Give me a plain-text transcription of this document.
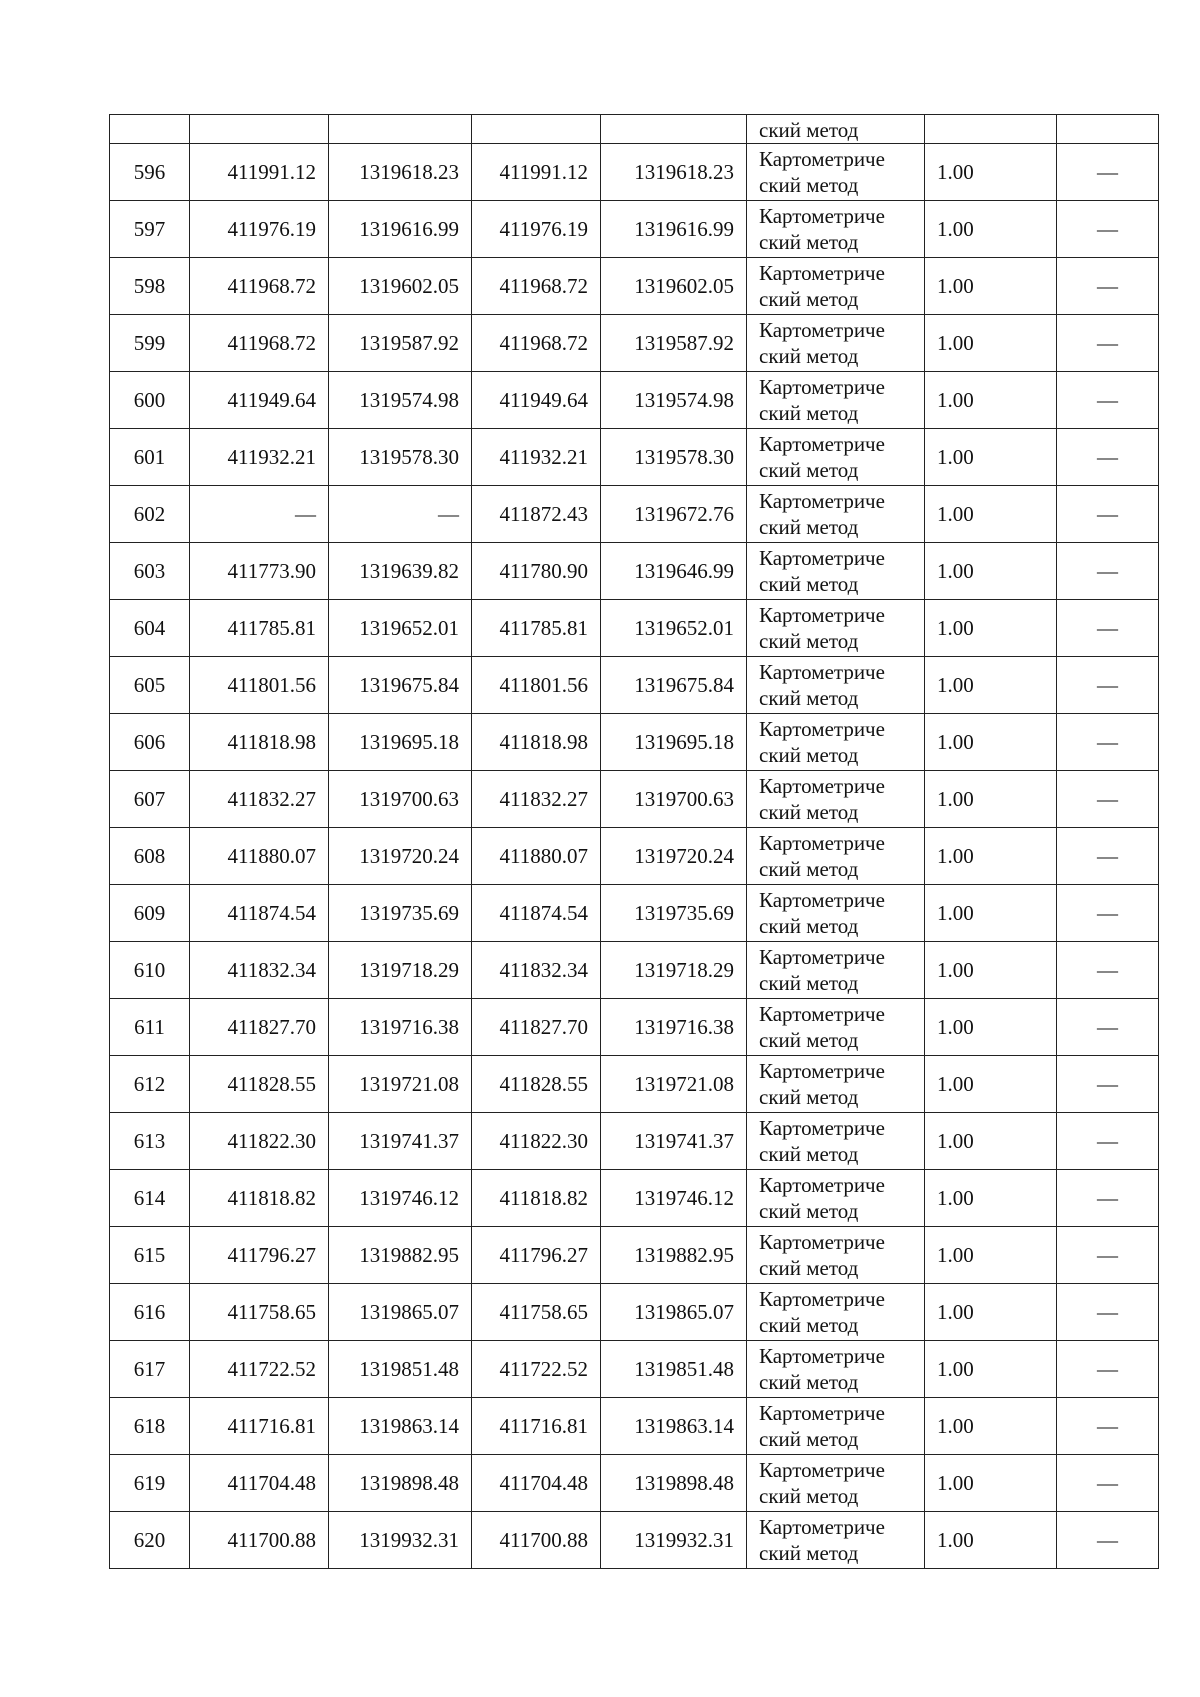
					ский метод		
596	411991.12	1319618.23	411991.12	1319618.23	Картометриче
ский метод	1.00	—
597	411976.19	1319616.99	411976.19	1319616.99	Картометриче
ский метод	1.00	—
598	411968.72	1319602.05	411968.72	1319602.05	Картометриче
ский метод	1.00	—
599	411968.72	1319587.92	411968.72	1319587.92	Картометриче
ский метод	1.00	—
600	411949.64	1319574.98	411949.64	1319574.98	Картометриче
ский метод	1.00	—
601	411932.21	1319578.30	411932.21	1319578.30	Картометриче
ский метод	1.00	—
602	—	—	411872.43	1319672.76	Картометриче
ский метод	1.00	—
603	411773.90	1319639.82	411780.90	1319646.99	Картометриче
ский метод	1.00	—
604	411785.81	1319652.01	411785.81	1319652.01	Картометриче
ский метод	1.00	—
605	411801.56	1319675.84	411801.56	1319675.84	Картометриче
ский метод	1.00	—
606	411818.98	1319695.18	411818.98	1319695.18	Картометриче
ский метод	1.00	—
607	411832.27	1319700.63	411832.27	1319700.63	Картометриче
ский метод	1.00	—
608	411880.07	1319720.24	411880.07	1319720.24	Картометриче
ский метод	1.00	—
609	411874.54	1319735.69	411874.54	1319735.69	Картометриче
ский метод	1.00	—
610	411832.34	1319718.29	411832.34	1319718.29	Картометриче
ский метод	1.00	—
611	411827.70	1319716.38	411827.70	1319716.38	Картометриче
ский метод	1.00	—
612	411828.55	1319721.08	411828.55	1319721.08	Картометриче
ский метод	1.00	—
613	411822.30	1319741.37	411822.30	1319741.37	Картометриче
ский метод	1.00	—
614	411818.82	1319746.12	411818.82	1319746.12	Картометриче
ский метод	1.00	—
615	411796.27	1319882.95	411796.27	1319882.95	Картометриче
ский метод	1.00	—
616	411758.65	1319865.07	411758.65	1319865.07	Картометриче
ский метод	1.00	—
617	411722.52	1319851.48	411722.52	1319851.48	Картометриче
ский метод	1.00	—
618	411716.81	1319863.14	411716.81	1319863.14	Картометриче
ский метод	1.00	—
619	411704.48	1319898.48	411704.48	1319898.48	Картометриче
ский метод	1.00	—
620	411700.88	1319932.31	411700.88	1319932.31	Картометриче
ский метод	1.00	—
